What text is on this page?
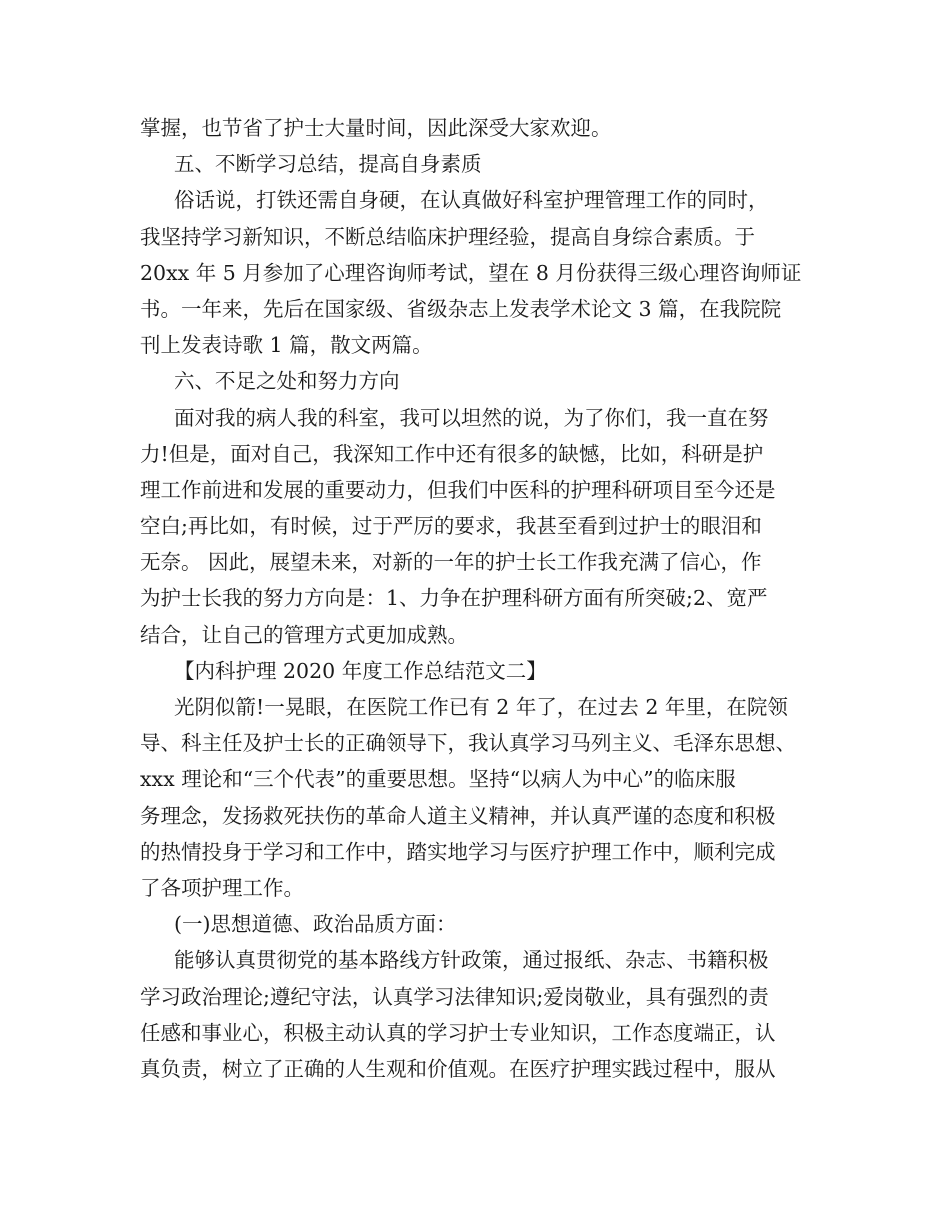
掌握，也节省了护士大量时间，因此深受大家欢迎。
五、不断学习总结，提高自身素质
俗话说，打铁还需自身硬，在认真做好科室护理管理工作的同时，
我坚持学习新知识，不断总结临床护理经验，提高自身综合素质。于
20xx 年 5 月参加了心理咨询师考试，望在 8 月份获得三级心理咨询师证
书。一年来，先后在国家级、省级杂志上发表学术论文 3 篇，在我院院
刊上发表诗歌 1 篇，散文两篇。
六、不足之处和努力方向
面对我的病人我的科室，我可以坦然的说，为了你们，我一直在努
力!但是，面对自己，我深知工作中还有很多的缺憾，比如，科研是护
理工作前进和发展的重要动力，但我们中医科的护理科研项目至今还是
空白;再比如，有时候，过于严厉的要求，我甚至看到过护士的眼泪和
无奈。 因此，展望未来，对新的一年的护士长工作我充满了信心，作
为护士长我的努力方向是：1、力争在护理科研方面有所突破;2、宽严
结合，让自己的管理方式更加成熟。
【内科护理 2020 年度工作总结范文二】
光阴似箭!一晃眼，在医院工作已有 2 年了，在过去 2 年里，在院领
导、科主任及护士长的正确领导下，我认真学习马列主义、毛泽东思想、
xxx 理论和“三个代表”的重要思想。坚持“以病人为中心”的临床服
务理念，发扬救死扶伤的革命人道主义精神，并认真严谨的态度和积极
的热情投身于学习和工作中，踏实地学习与医疗护理工作中，顺利完成
了各项护理工作。
(一)思想道德、政治品质方面：
能够认真贯彻党的基本路线方针政策，通过报纸、杂志、书籍积极
学习政治理论;遵纪守法，认真学习法律知识;爱岗敬业，具有强烈的责
任感和事业心，积极主动认真的学习护士专业知识，工作态度端正，认
真负责，树立了正确的人生观和价值观。在医疗护理实践过程中，服从
